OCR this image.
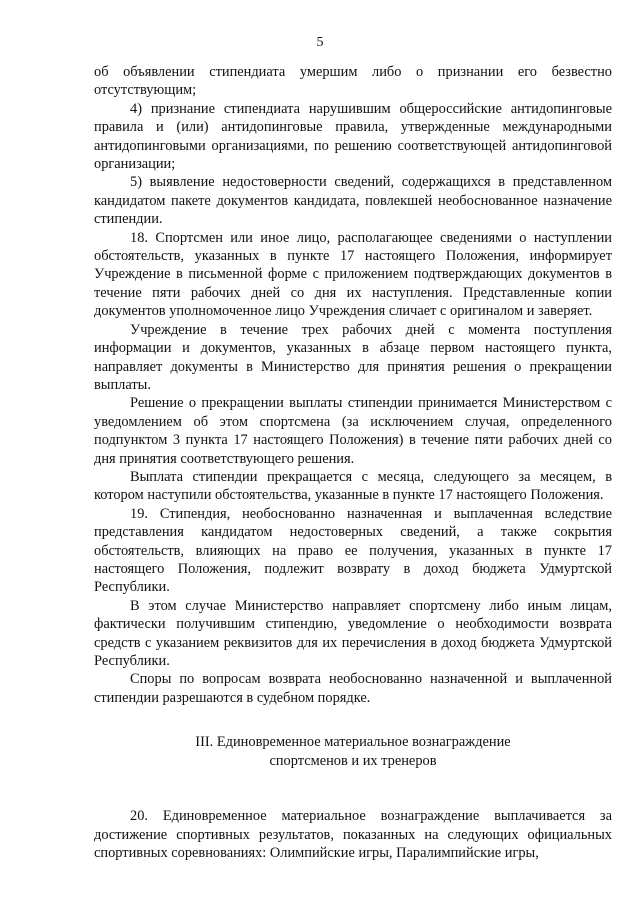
5

об объявлении стипендиата умершим либо о признании его безвестно отсутствующим;

4) признание стипендиата нарушившим общероссийские антидопинговые правила и (или) антидопинговые правила, утвержденные международными антидопинговыми организациями, по решению соответствующей антидопинговой организации;

5) выявление недостоверности сведений, содержащихся в представленном кандидатом пакете документов кандидата, повлекшей необоснованное назначение стипендии.

18. Спортсмен или иное лицо, располагающее сведениями о наступлении обстоятельств, указанных в пункте 17 настоящего Положения, информирует Учреждение в письменной форме с приложением подтверждающих документов в течение пяти рабочих дней со дня их наступления. Представленные копии документов уполномоченное лицо Учреждения сличает с оригиналом и заверяет.

Учреждение в течение трех рабочих дней с момента поступления информации и документов, указанных в абзаце первом настоящего пункта, направляет документы в Министерство для принятия решения о прекращении выплаты.

Решение о прекращении выплаты стипендии принимается Министерством с уведомлением об этом спортсмена (за исключением случая, определенного подпунктом 3 пункта 17 настоящего Положения) в течение пяти рабочих дней со дня принятия соответствующего решения.

Выплата стипендии прекращается с месяца, следующего за месяцем, в котором наступили обстоятельства, указанные в пункте 17 настоящего Положения.

19. Стипендия, необоснованно назначенная и выплаченная вследствие представления кандидатом недостоверных сведений, а также сокрытия обстоятельств, влияющих на право ее получения, указанных в пункте 17 настоящего Положения, подлежит возврату в доход бюджета Удмуртской Республики.

В этом случае Министерство направляет спортсмену либо иным лицам, фактически получившим стипендию, уведомление о необходимости возврата средств с указанием реквизитов для их перечисления в доход бюджета Удмуртской Республики.

Споры по вопросам возврата необоснованно назначенной и выплаченной стипендии разрешаются в судебном порядке.

III. Единовременное материальное вознаграждение
спортсменов и их тренеров

20. Единовременное материальное вознаграждение выплачивается за достижение спортивных результатов, показанных на следующих официальных спортивных соревнованиях: Олимпийские игры, Паралимпийские игры,
